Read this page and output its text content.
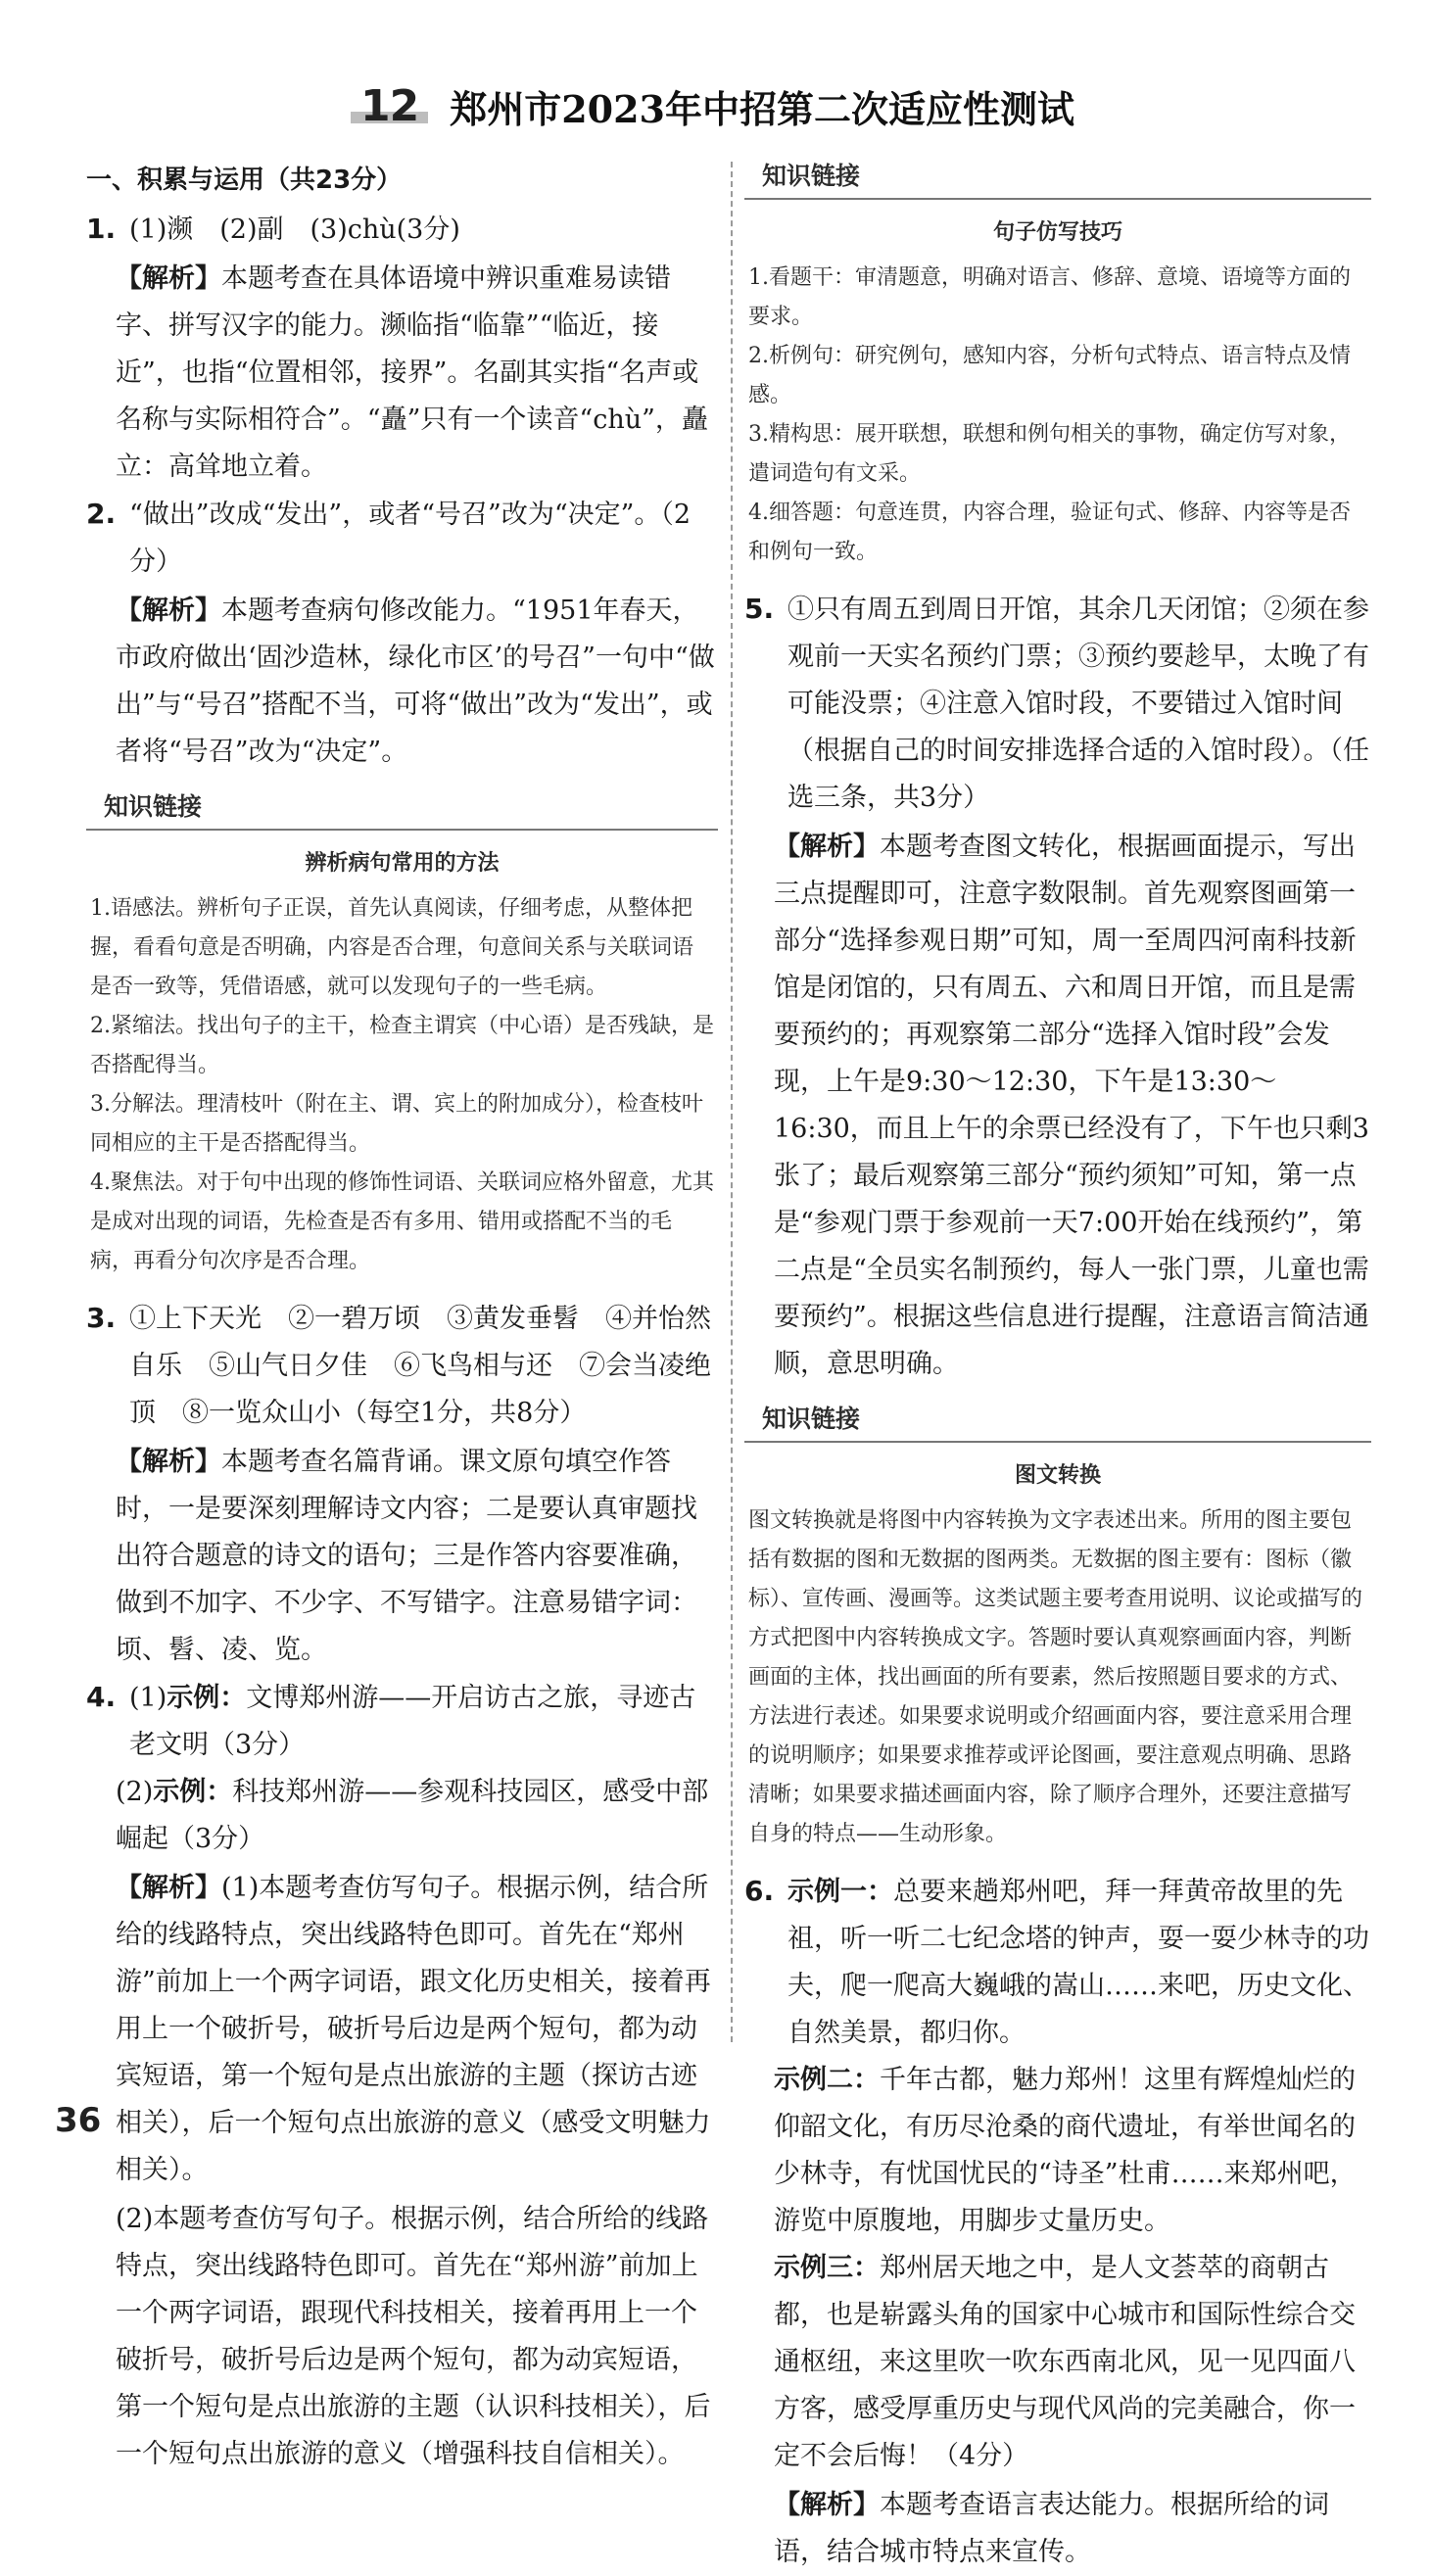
12 郑州市2023年中招第二次适应性测试

一、积累与运用（共23分）

1. (1)濒　(2)副　(3)chù(3分)

【解析】本题考查在具体语境中辨识重难易读错字、拼写汉字的能力。濒临指“临靠”“临近，接近”，也指“位置相邻，接界”。名副其实指“名声或名称与实际相符合”。“矗”只有一个读音“chù”，矗立：高耸地立着。

2. “做出”改成“发出”，或者“号召”改为“决定”。（2分）

【解析】本题考查病句修改能力。“1951年春天，市政府做出‘固沙造林，绿化市区’的号召”一句中“做出”与“号召”搭配不当，可将“做出”改为“发出”，或者将“号召”改为“决定”。

知识链接

辨析病句常用的方法

1.语感法。辨析句子正误，首先认真阅读，仔细考虑，从整体把握，看看句意是否明确，内容是否合理，句意间关系与关联词语是否一致等，凭借语感，就可以发现句子的一些毛病。

2.紧缩法。找出句子的主干，检查主谓宾（中心语）是否残缺，是否搭配得当。

3.分解法。理清枝叶（附在主、谓、宾上的附加成分），检查枝叶同相应的主干是否搭配得当。

4.聚焦法。对于句中出现的修饰性词语、关联词应格外留意，尤其是成对出现的词语，先检查是否有多用、错用或搭配不当的毛病，再看分句次序是否合理。

3. ①上下天光　②一碧万顷　③黄发垂髫　④并怡然自乐　⑤山气日夕佳　⑥飞鸟相与还　⑦会当凌绝顶　⑧一览众山小（每空1分，共8分）

【解析】本题考查名篇背诵。课文原句填空作答时，一是要深刻理解诗文内容；二是要认真审题找出符合题意的诗文的语句；三是作答内容要准确，做到不加字、不少字、不写错字。注意易错字词：顷、髫、凌、览。

4. (1)示例：文博郑州游——开启访古之旅，寻迹古老文明（3分）

(2)示例：科技郑州游——参观科技园区，感受中部崛起（3分）

【解析】(1)本题考查仿写句子。根据示例，结合所给的线路特点，突出线路特色即可。首先在“郑州游”前加上一个两字词语，跟文化历史相关，接着再用上一个破折号，破折号后边是两个短句，都为动宾短语，第一个短句是点出旅游的主题（探访古迹相关），后一个短句点出旅游的意义（感受文明魅力相关）。

(2)本题考查仿写句子。根据示例，结合所给的线路特点，突出线路特色即可。首先在“郑州游”前加上一个两字词语，跟现代科技相关，接着再用上一个破折号，破折号后边是两个短句，都为动宾短语，第一个短句是点出旅游的主题（认识科技相关），后一个短句点出旅游的意义（增强科技自信相关）。

知识链接

句子仿写技巧

1.看题干：审清题意，明确对语言、修辞、意境、语境等方面的要求。

2.析例句：研究例句，感知内容，分析句式特点、语言特点及情感。

3.精构思：展开联想，联想和例句相关的事物，确定仿写对象，遣词造句有文采。

4.细答题：句意连贯，内容合理，验证句式、修辞、内容等是否和例句一致。

5. ①只有周五到周日开馆，其余几天闭馆；②须在参观前一天实名预约门票；③预约要趁早，太晚了有可能没票；④注意入馆时段，不要错过入馆时间（根据自己的时间安排选择合适的入馆时段）。（任选三条，共3分）

【解析】本题考查图文转化，根据画面提示，写出三点提醒即可，注意字数限制。首先观察图画第一部分“选择参观日期”可知，周一至周四河南科技新馆是闭馆的，只有周五、六和周日开馆，而且是需要预约的；再观察第二部分“选择入馆时段”会发现，上午是9:30～12:30，下午是13:30～16:30，而且上午的余票已经没有了，下午也只剩3张了；最后观察第三部分“预约须知”可知，第一点是“参观门票于参观前一天7:00开始在线预约”，第二点是“全员实名制预约，每人一张门票，儿童也需要预约”。根据这些信息进行提醒，注意语言简洁通顺，意思明确。

知识链接

图文转换

图文转换就是将图中内容转换为文字表述出来。所用的图主要包括有数据的图和无数据的图两类。无数据的图主要有：图标（徽标）、宣传画、漫画等。这类试题主要考查用说明、议论或描写的方式把图中内容转换成文字。答题时要认真观察画面内容，判断画面的主体，找出画面的所有要素，然后按照题目要求的方式、方法进行表述。如果要求说明或介绍画面内容，要注意采用合理的说明顺序；如果要求推荐或评论图画，要注意观点明确、思路清晰；如果要求描述画面内容，除了顺序合理外，还要注意描写自身的特点——生动形象。

6. 示例一：总要来趟郑州吧，拜一拜黄帝故里的先祖，听一听二七纪念塔的钟声，耍一耍少林寺的功夫，爬一爬高大巍峨的嵩山……来吧，历史文化、自然美景，都归你。

示例二：千年古都，魅力郑州！这里有辉煌灿烂的仰韶文化，有历尽沧桑的商代遗址，有举世闻名的少林寺，有忧国忧民的“诗圣”杜甫……来郑州吧，游览中原腹地，用脚步丈量历史。

示例三：郑州居天地之中，是人文荟萃的商朝古都，也是崭露头角的国家中心城市和国际性综合交通枢纽，来这里吹一吹东西南北风，见一见四面八方客，感受厚重历史与现代风尚的完美融合，你一定不会后悔！（4分）

【解析】本题考查语言表达能力。根据所给的词语，结合城市特点来宣传。

36
